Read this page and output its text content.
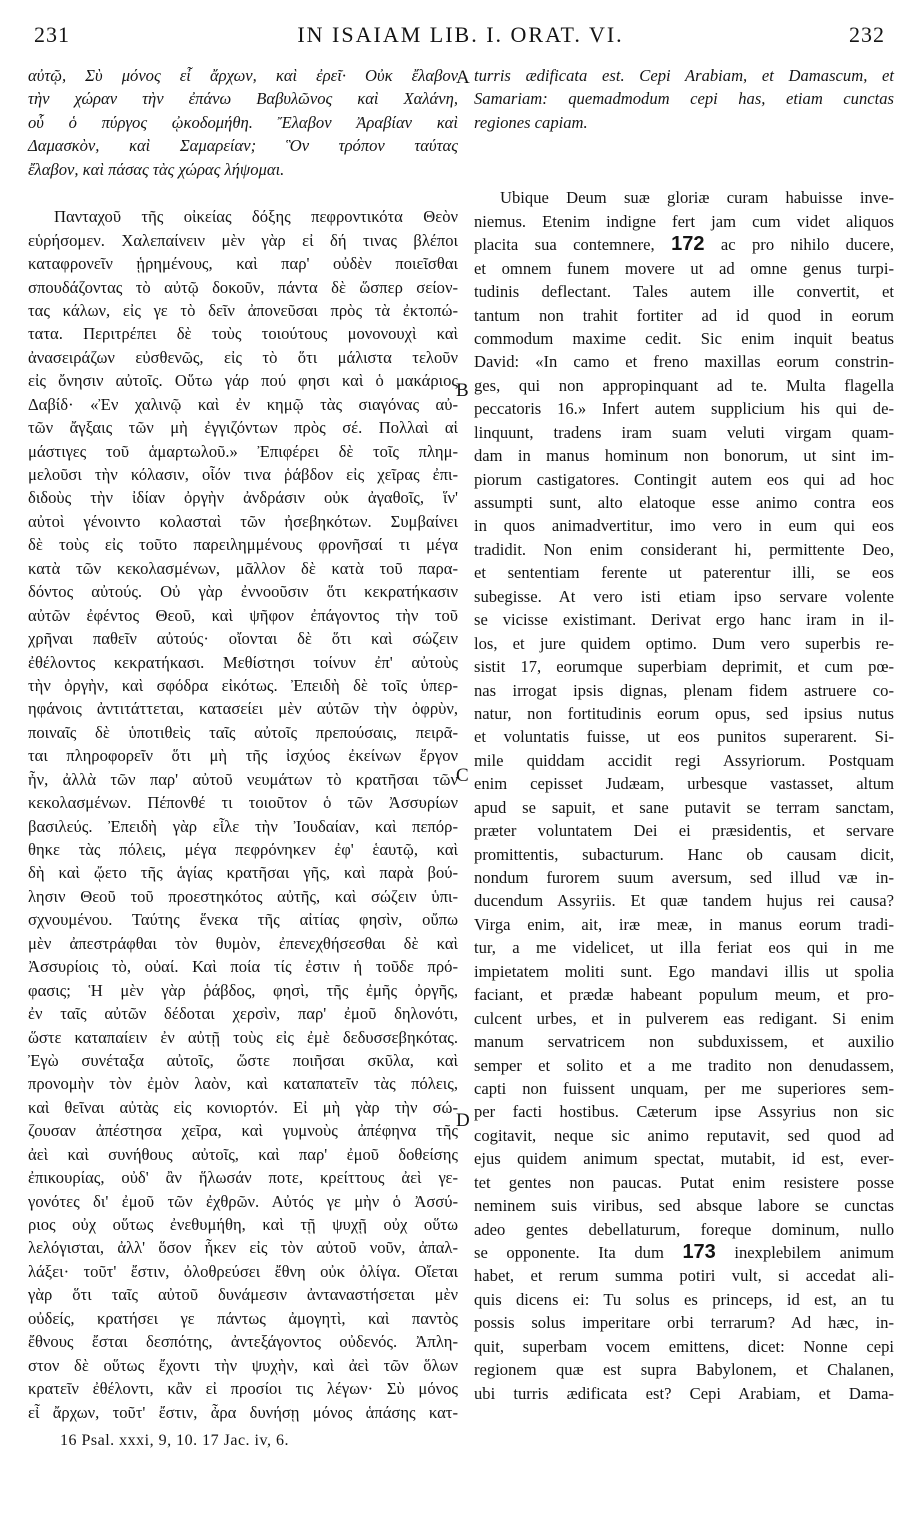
231	IN ISAIAM LIB. I. ORAT. VI.	232
αὐτῷ, Σὺ μόνος εἶ ἄρχων, καὶ ἐρεῖ· Οὐκ ἔλαβον
τὴν χώραν τὴν ἐπάνω Βαβυλῶνος καὶ Χαλάνη,
οὗ ὁ πύργος ᾠκοδομήθη. Ἔλαβον Ἀραβίαν καὶ
Δαμασκὸν, καὶ Σαμαρείαν; Ὃν τρόπον ταύτας
ἔλαβον, καὶ πάσας τὰς χώρας λήψομαι.
Πανταχοῦ τῆς οἰκείας δόξης πεφροντικότα Θεὸν
εὑρήσομεν. Χαλεπαίνειν μὲν γὰρ εἰ δή τινας βλέποι
καταφρονεῖν ᾑρημένους, καὶ παρ' οὐδὲν ποιεῖσθαι
σπουδάζοντας τὸ αὐτῷ δοκοῦν, πάντα δὲ ὥσπερ σείον-
τας κάλων, εἰς γε τὸ δεῖν ἀπονεῦσαι πρὸς τὰ ἐκτοπώ-
τατα. Περιτρέπει δὲ τοὺς τοιούτους μονονουχὶ καὶ
ἀνασειράζων εὐσθενῶς, εἰς τὸ ὅτι μάλιστα τελοῦν
εἰς ὄνησιν αὐτοῖς. Οὕτω γάρ πού φησι καὶ ὁ μακάριος
Δαβίδ· «Ἐν χαλινῷ καὶ ἐν κημῷ τὰς σιαγόνας αὐ-
τῶν ἄγξαις τῶν μὴ ἐγγιζόντων πρὸς σέ. Πολλαὶ αἱ
μάστιγες τοῦ ἁμαρτωλοῦ.» Ἐπιφέρει δὲ τοῖς πλημ-
μελοῦσι τὴν κόλασιν, οἷόν τινα ῥάβδον εἰς χεῖρας ἐπι-
διδοὺς τὴν ἰδίαν ὀργὴν ἀνδράσιν οὐκ ἀγαθοῖς, ἵν'
αὐτοὶ γένοιντο κολασταὶ τῶν ἠσεβηκότων. Συμβαίνει
δὲ τοὺς εἰς τοῦτο παρειλημμένους φρονῆσαί τι μέγα
κατὰ τῶν κεκολασμένων, μᾶλλον δὲ κατὰ τοῦ παρα-
δόντος αὐτούς. Οὐ γὰρ ἐννοοῦσιν ὅτι κεκρατήκασιν
αὐτῶν ἐφέντος Θεοῦ, καὶ ψῆφον ἐπάγοντος τὴν τοῦ
χρῆναι παθεῖν αὐτούς· οἴονται δὲ ὅτι καὶ σώζειν
ἐθέλοντος κεκρατήκασι. Μεθίστησι τοίνυν ἐπ' αὐτοὺς
τὴν ὀργὴν, καὶ σφόδρα εἰκότως. Ἐπειδὴ δὲ τοῖς ὑπερ-
ηφάνοις ἀντιτάττεται, κατασείει μὲν αὐτῶν τὴν ὀφρὺν,
ποιναῖς δὲ ὑποτιθεὶς ταῖς αὐτοῖς πρεπούσαις, πειρᾶ-
ται πληροφορεῖν ὅτι μὴ τῆς ἰσχύος ἐκείνων ἔργον
ἦν, ἀλλὰ τῶν παρ' αὐτοῦ νευμάτων τὸ κρατῆσαι τῶν
κεκολασμένων. Πέπονθέ τι τοιοῦτον ὁ τῶν Ἀσσυρίων
βασιλεύς. Ἐπειδὴ γὰρ εἷλε τὴν Ἰουδαίαν, καὶ πεπόρ-
θηκε τὰς πόλεις, μέγα πεφρόνηκεν ἐφ' ἑαυτῷ, καὶ
δὴ καὶ ᾤετο τῆς ἁγίας κρατῆσαι γῆς, καὶ παρὰ βού-
λησιν Θεοῦ τοῦ προεστηκότος αὐτῆς, καὶ σώζειν ὑπι-
σχνουμένου. Ταύτης ἕνεκα τῆς αἰτίας φησὶν, οὔπω
μὲν ἀπεστράφθαι τὸν θυμὸν, ἐπενεχθήσεσθαι δὲ καὶ
Ἀσσυρίοις τὸ, οὐαί. Καὶ ποία τίς ἐστιν ἡ τοῦδε πρό-
φασις; Ἡ μὲν γὰρ ῥάβδος, φησὶ, τῆς ἐμῆς ὀργῆς,
ἐν ταῖς αὐτῶν δέδοται χερσὶν, παρ' ἐμοῦ δηλονότι,
ὥστε καταπαίειν ἐν αὐτῇ τοὺς εἰς ἐμὲ δεδυσσεβηκότας.
Ἐγὼ συνέταξα αὐτοῖς, ὥστε ποιῆσαι σκῦλα, καὶ
προνομὴν τὸν ἐμὸν λαὸν, καὶ καταπατεῖν τὰς πόλεις,
καὶ θεῖναι αὐτὰς εἰς κονιορτόν. Εἰ μὴ γὰρ τὴν σώ-
ζουσαν ἀπέστησα χεῖρα, καὶ γυμνοὺς ἀπέφηνα τῆς
ἀεὶ καὶ συνήθους αὐτοῖς, καὶ παρ' ἐμοῦ δοθείσης
ἐπικουρίας, οὐδ' ἂν ἥλωσάν ποτε, κρείττους ἀεὶ γε-
γονότες δι' ἐμοῦ τῶν ἐχθρῶν. Αὐτός γε μὴν ὁ Ἀσσύ-
ριος οὐχ οὕτως ἐνεθυμήθη, καὶ τῇ ψυχῇ οὐχ οὕτω
λελόγισται, ἀλλ' ὅσον ἧκεν εἰς τὸν αὐτοῦ νοῦν, ἀπαλ-
λάξει· τοῦτ' ἔστιν, ὀλοθρεύσει ἔθνη οὐκ ὀλίγα. Οἴεται
γὰρ ὅτι ταῖς αὐτοῦ δυνάμεσιν ἀνταναστήσεται μὲν
οὐδείς, κρατήσει γε πάντως ἀμογητὶ, καὶ παντὸς
ἔθνους ἔσται δεσπότης, ἀντεξάγοντος οὐδενός. Ἀπλη-
στον δὲ οὕτως ἔχοντι τὴν ψυχὴν, καὶ ἀεὶ τῶν ὅλων
κρατεῖν ἐθέλοντι, κἂν εἰ προσίοι τις λέγων· Σὺ μόνος
εἶ ἄρχων, τοῦτ' ἔστιν, ἆρα δυνήσῃ μόνος ἁπάσης κατ-
turris ædificata est. Cepi Arabiam, et Damascum, et
Samariam: quemadmodum cepi has, etiam cunctas
regiones capiam.
Ubique Deum suæ gloriæ curam habuisse inve-
niemus. Etenim indigne fert jam cum videt aliquos
placita sua contemnere, 172 ac pro nihilo ducere,
et omnem funem movere ut ad omne genus turpi-
tudinis deflectant. Tales autem ille convertit, et
tantum non trahit fortiter ad id quod in eorum
commodum maxime cedit. Sic enim inquit beatus
David: «In camo et freno maxillas eorum constrin-
ges, qui non appropinquant ad te. Multa flagella
peccatoris 16.» Infert autem supplicium his qui de-
linquunt, tradens iram suam veluti virgam quam-
dam in manus hominum non bonorum, ut sint im-
piorum castigatores. Contingit autem eos qui ad hoc
assumpti sunt, alto elatoque esse animo contra eos
in quos animadvertitur, imo vero in eum qui eos
tradidit. Non enim considerant hi, permittente Deo,
et sententiam ferente ut paterentur illi, se eos
subegisse. At vero isti etiam ipso servare volente
se vicisse existimant. Derivat ergo hanc iram in il-
los, et jure quidem optimo. Dum vero superbis re-
sistit 17, eorumque superbiam deprimit, et cum pœ-
nas irrogat ipsis dignas, plenam fidem astruere co-
natur, non fortitudinis eorum opus, sed ipsius nutus
et voluntatis fuisse, ut eos punitos superarent. Si-
mile quiddam accidit regi Assyriorum. Postquam
enim cepisset Judæam, urbesque vastasset, altum
apud se sapuit, et sane putavit se terram sanctam,
præter voluntatem Dei ei præsidentis, et servare
promittentis, subacturum. Hanc ob causam dicit,
nondum furorem suum aversum, sed illud væ in-
ducendum Assyriis. Et quæ tandem hujus rei causa?
Virga enim, ait, iræ meæ, in manus eorum tradi-
tur, a me videlicet, ut illa feriat eos qui in me
impietatem moliti sunt. Ego mandavi illis ut spolia
faciant, et prædæ habeant populum meum, et pro-
culcent urbes, et in pulverem eas redigant. Si enim
manum servatricem non subduxissem, et auxilio
semper et solito et a me tradito non denudassem,
capti non fuissent unquam, per me superiores sem-
per facti hostibus. Cæterum ipse Assyrius non sic
cogitavit, neque sic animo reputavit, sed quod ad
ejus quidem animum spectat, mutabit, id est, ever-
tet gentes non paucas. Putat enim resistere posse
neminem suis viribus, sed absque labore se cunctas
adeo gentes debellaturum, foreque dominum, nullo
se opponente. Ita dum 173 inexplebilem animum
habet, et rerum summa potiri vult, si accedat ali-
quis dicens ei: Tu solus es princeps, id est, an tu
possis solus imperitare orbi terrarum? Ad hæc, in-
quit, superbam vocem emittens, dicet: Nonne cepi
regionem quæ est supra Babylonem, et Chalanen,
ubi turris ædificata est? Cepi Arabiam, et Dama-
A
B
C
D
16 Psal. xxxi, 9, 10. 17 Jac. iv, 6.
